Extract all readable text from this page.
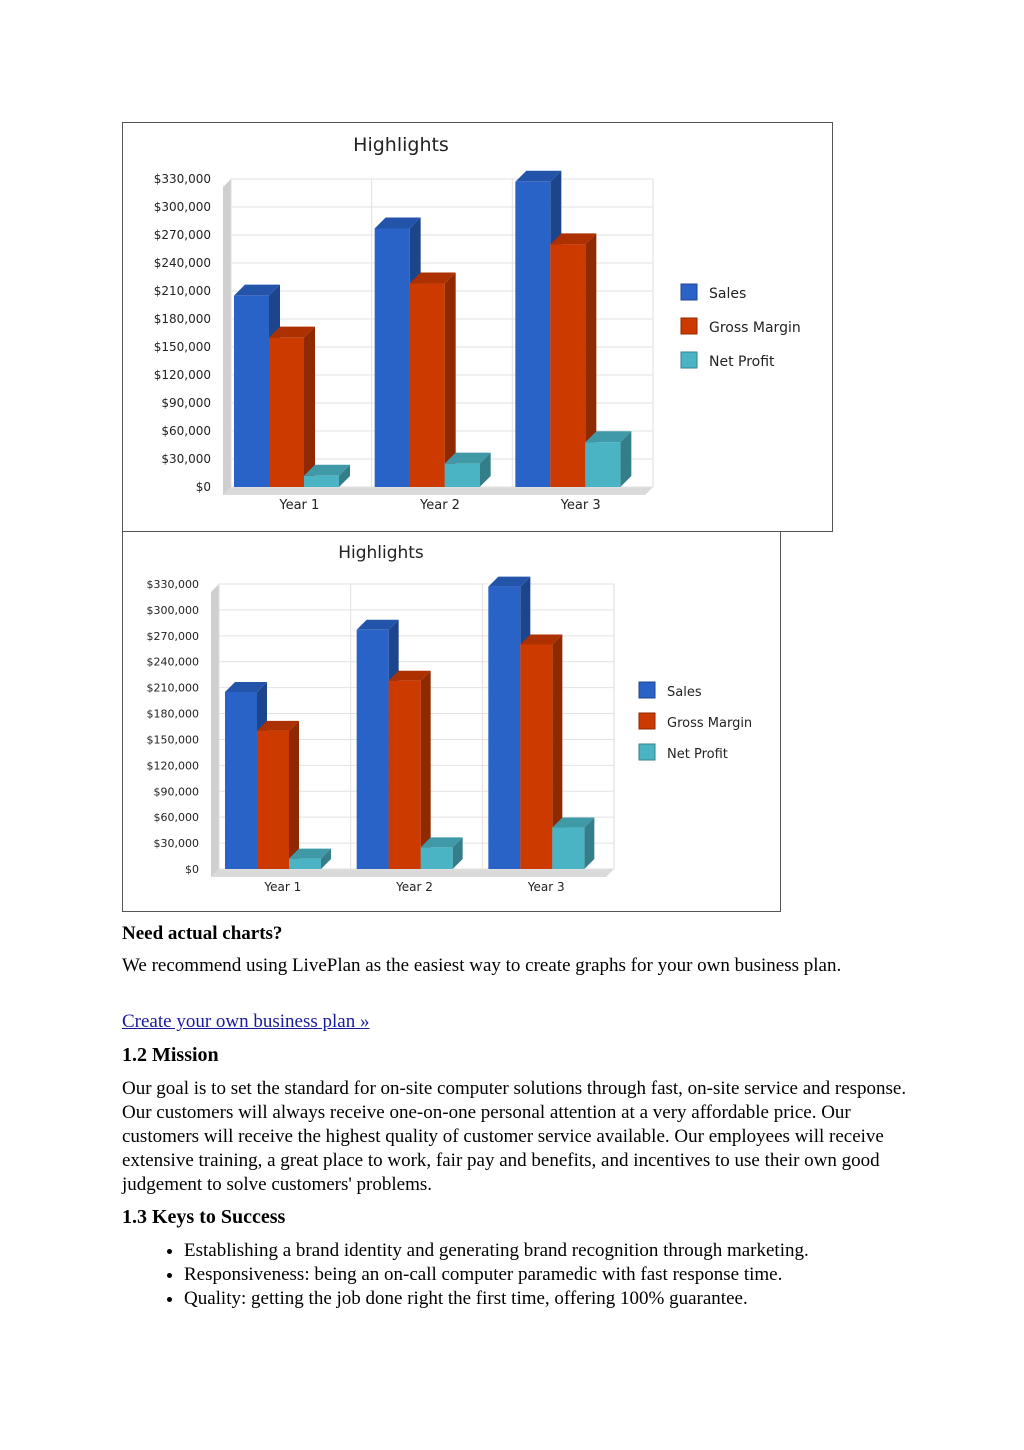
Highlights
$0
$30,000
$60,000
$90,000
$120,000
$150,000
$180,000
$210,000
$240,000
$270,000
$300,000
$330,000
Year 1	Year 2	Year 3
Sales
Gross Margin
Net Profit
Highlights
$0
$30,000
$60,000
$90,000
$120,000
$150,000
$180,000
$210,000
$240,000
$270,000
$300,000
$330,000
Year 1	Year 2	Year 3
Sales
Gross Margin
Net Profit
Need actual charts?
We recommend using LivePlan as the easiest way to create graphs for your own business plan.
Create your own business plan »
1.2 Mission
Our goal is to set the standard for on-site computer solutions through fast, on-site service and response. Our customers will always receive one-on-one personal attention at a very affordable price. Our customers will receive the highest quality of customer service available. Our employees will receive extensive training, a great place to work, fair pay and benefits, and incentives to use their own good judgement to solve customers' problems.
1.3 Keys to Success
• Establishing a brand identity and generating brand recognition through marketing.
• Responsiveness: being an on-call computer paramedic with fast response time.
• Quality: getting the job done right the first time, offering 100% guarantee.
